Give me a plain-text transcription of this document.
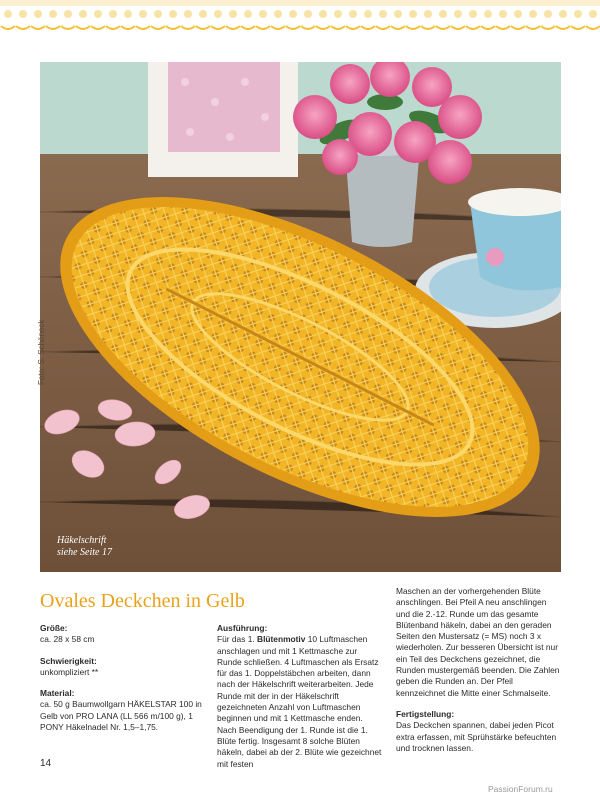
Foto: S. Schöneck
Häkelschrift
siehe Seite 17
Ovales Deckchen in Gelb
Größe:
ca. 28 x 58 cm
Schwierigkeit:
unkompliziert **
Material:
ca. 50 g Baumwollgarn HÄKELSTAR 100 in Gelb von PRO LANA (LL 566 m/100 g), 1 PONY Häkelnadel Nr. 1,5–1,75.
Ausführung:
Für das 1. Blütenmotiv 10 Luftmaschen anschlagen und mit 1 Kettmasche zur Runde schließen. 4 Luftmaschen als Ersatz für das 1. Doppelstäbchen arbeiten, dann nach der Häkelschrift weiterarbeiten. Jede Runde mit der in der Häkelschrift gezeichneten Anzahl von Luftmaschen beginnen und mit 1 Kettmasche enden. Nach Beendigung der 1. Runde ist die 1. Blüte fertig. Insgesamt 8 solche Blüten häkeln, dabei ab der 2. Blüte wie gezeichnet mit festen
Maschen an der vorhergehenden Blüte anschlingen. Bei Pfeil A neu anschlingen und die 2.-12. Runde um das gesamte Blütenband häkeln, dabei an den geraden Seiten den Mustersatz (= MS) noch 3 x wiederholen. Zur besseren Übersicht ist nur ein Teil des Deckchens gezeichnet, die Runden mustergemäß beenden. Die Zahlen geben die Runden an. Der Pfeil kennzeichnet die Mitte einer Schmalseite.
Fertigstellung:
Das Deckchen spannen, dabei jeden Picot extra erfassen, mit Sprühstärke befeuchten und trocknen lassen.
14
PassionForum.ru
